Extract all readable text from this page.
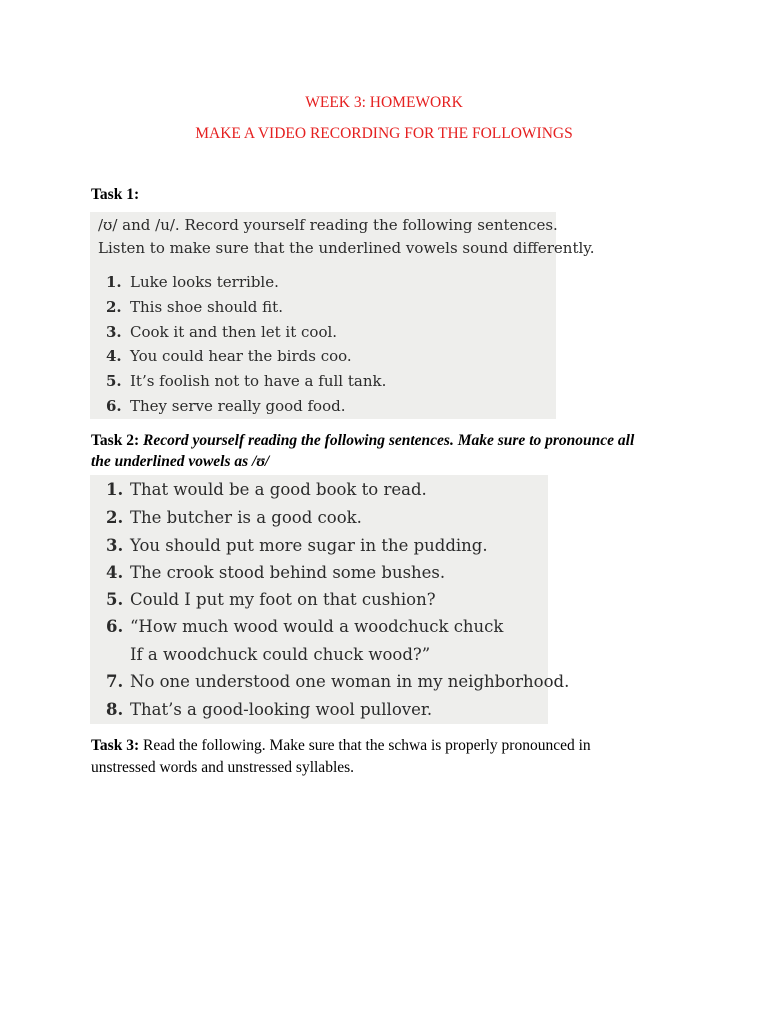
WEEK 3: HOMEWORK
MAKE A VIDEO RECORDING FOR THE FOLLOWINGS
Task 1:
/ʊ/ and /u/. Record yourself reading the following sentences.
Listen to make sure that the underlined vowels sound differently.
1. Luke looks terrible.
2. This shoe should fit.
3. Cook it and then let it cool.
4. You could hear the birds coo.
5. It’s foolish not to have a full tank.
6. They serve really good food.
Task 2: Record yourself reading the following sentences. Make sure to pronounce all
the underlined vowels as /ʊ/
1. That would be a good book to read.
2. The butcher is a good cook.
3. You should put more sugar in the pudding.
4. The crook stood behind some bushes.
5. Could I put my foot on that cushion?
6. “How much wood would a woodchuck chuck
If a woodchuck could chuck wood?”
7. No one understood one woman in my neighborhood.
8. That’s a good-looking wool pullover.
Task 3: Read the following. Make sure that the schwa is properly pronounced in
unstressed words and unstressed syllables.
